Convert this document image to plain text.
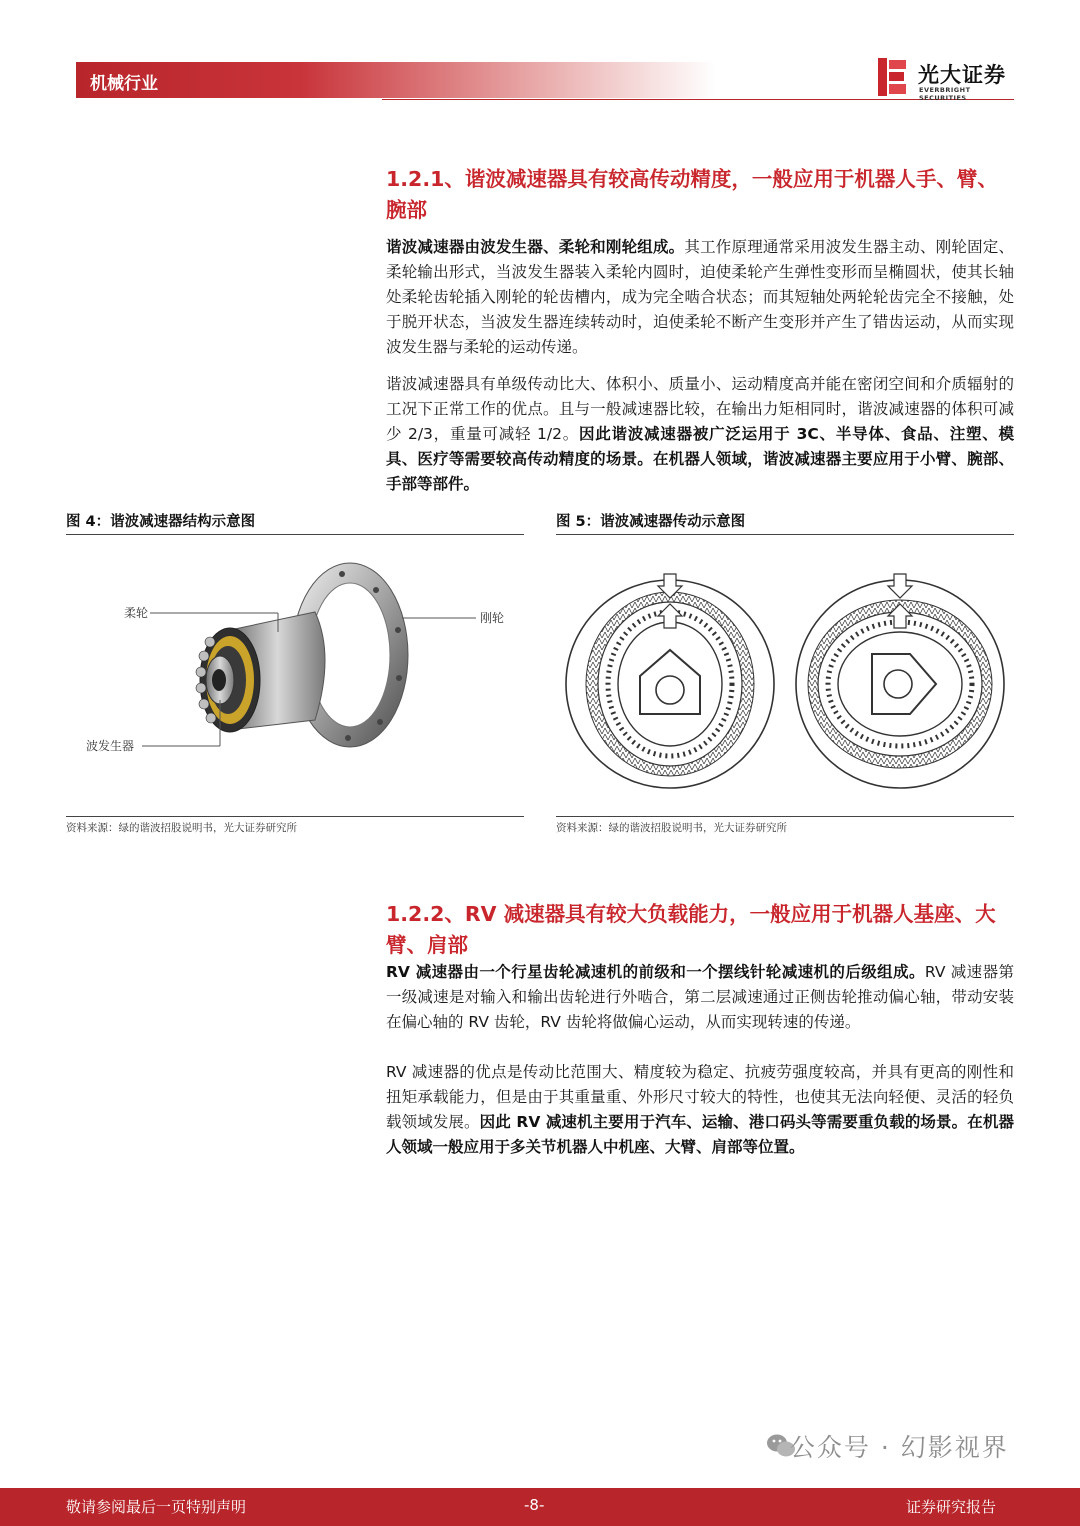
机械行业	光大证券
EVERBRIGHT SECURITIES
1.2.1、谐波减速器具有较高传动精度，一般应用于机器人手、臂、
腕部
谐波减速器由波发生器、柔轮和刚轮组成。其工作原理通常采用波发生器主动、刚轮固定、柔轮输出形式，当波发生器装入柔轮内圆时，迫使柔轮产生弹性变形而呈椭圆状，使其长轴处柔轮齿轮插入刚轮的轮齿槽内，成为完全啮合状态；而其短轴处两轮轮齿完全不接触，处于脱开状态，当波发生器连续转动时，迫使柔轮不断产生变形并产生了错齿运动，从而实现波发生器与柔轮的运动传递。
谐波减速器具有单级传动比大、体积小、质量小、运动精度高并能在密闭空间和介质辐射的工况下正常工作的优点。且与一般减速器比较，在输出力矩相同时，谐波减速器的体积可减少 2/3，重量可减轻 1/2。因此谐波减速器被广泛运用于 3C、半导体、食品、注塑、模具、医疗等需要较高传动精度的场景。在机器人领域，谐波减速器主要应用于小臂、腕部、手部等部件。
图 4：谐波减速器结构示意图
柔轮	刚轮
波发生器
资料来源：绿的谐波招股说明书，光大证券研究所
图 5：谐波减速器传动示意图
资料来源：绿的谐波招股说明书，光大证券研究所
1.2.2、RV 减速器具有较大负载能力，一般应用于机器人基座、大
臂、肩部
RV 减速器由一个行星齿轮减速机的前级和一个摆线针轮减速机的后级组成。RV 减速器第一级减速是对输入和输出齿轮进行外啮合，第二层减速通过正侧齿轮推动偏心轴，带动安装在偏心轴的 RV 齿轮，RV 齿轮将做偏心运动，从而实现转速的传递。
RV 减速器的优点是传动比范围大、精度较为稳定、抗疲劳强度较高，并具有更高的刚性和扭矩承载能力，但是由于其重量重、外形尺寸较大的特性，也使其无法向轻便、灵活的轻负载领域发展。因此 RV 减速机主要用于汽车、运输、港口码头等需要重负载的场景。在机器人领域一般应用于多关节机器人中机座、大臂、肩部等位置。
公众号 · 幻影视界
敬请参阅最后一页特别声明	-8-	证券研究报告
